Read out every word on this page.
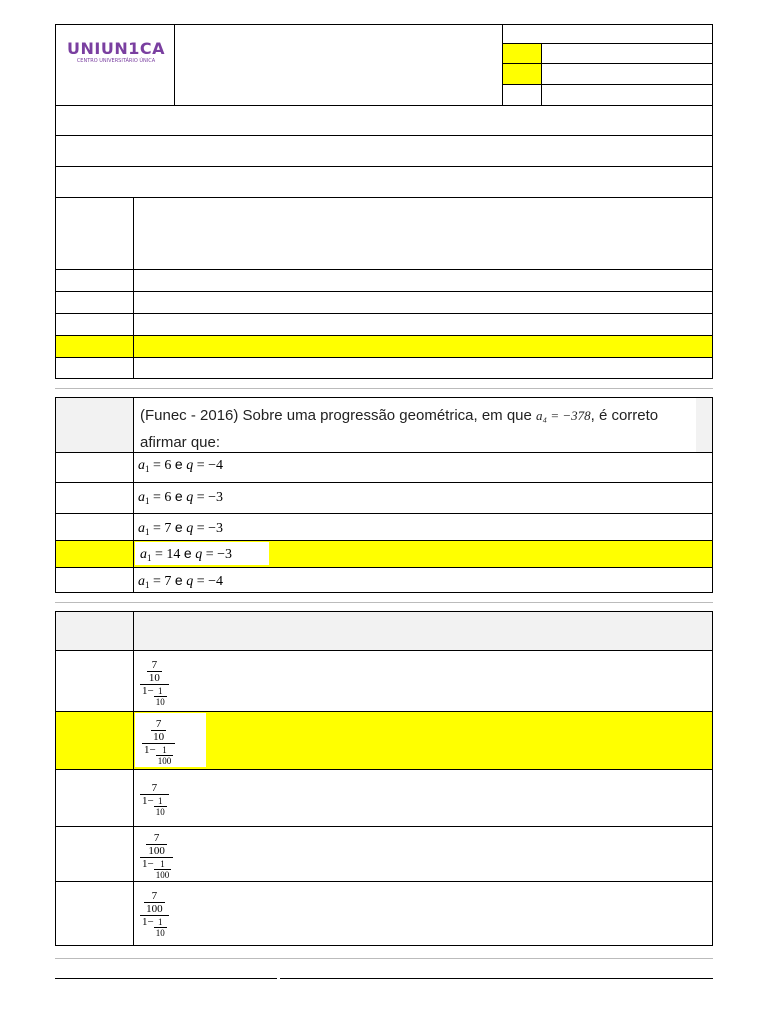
UNIUN1CA
CENTRO UNIVERSITÁRIO ÚNICA
(Funec - 2016) Sobre uma progressão geométrica, em que a₄ = −378, é correto
afirmar que:
$a_1 = 6$ e q = −4
$a_1 = 6$ e q = −3
$a_1 = 7$ e q = −3
$a_1 = 14$ e q = −3
$a_1 = 7$ e q = −4
$\frac{\frac{7}{10}}{1- \frac{1}{10}}$
$\frac{\frac{7}{10}}{1- \frac{1}{100}}$
$\frac{7}{1- \frac{1}{10}}$
$\frac{\frac{7}{100}}{1- \frac{1}{100}}$
$\frac{\frac{7}{100}}{1- \frac{1}{10}}$
